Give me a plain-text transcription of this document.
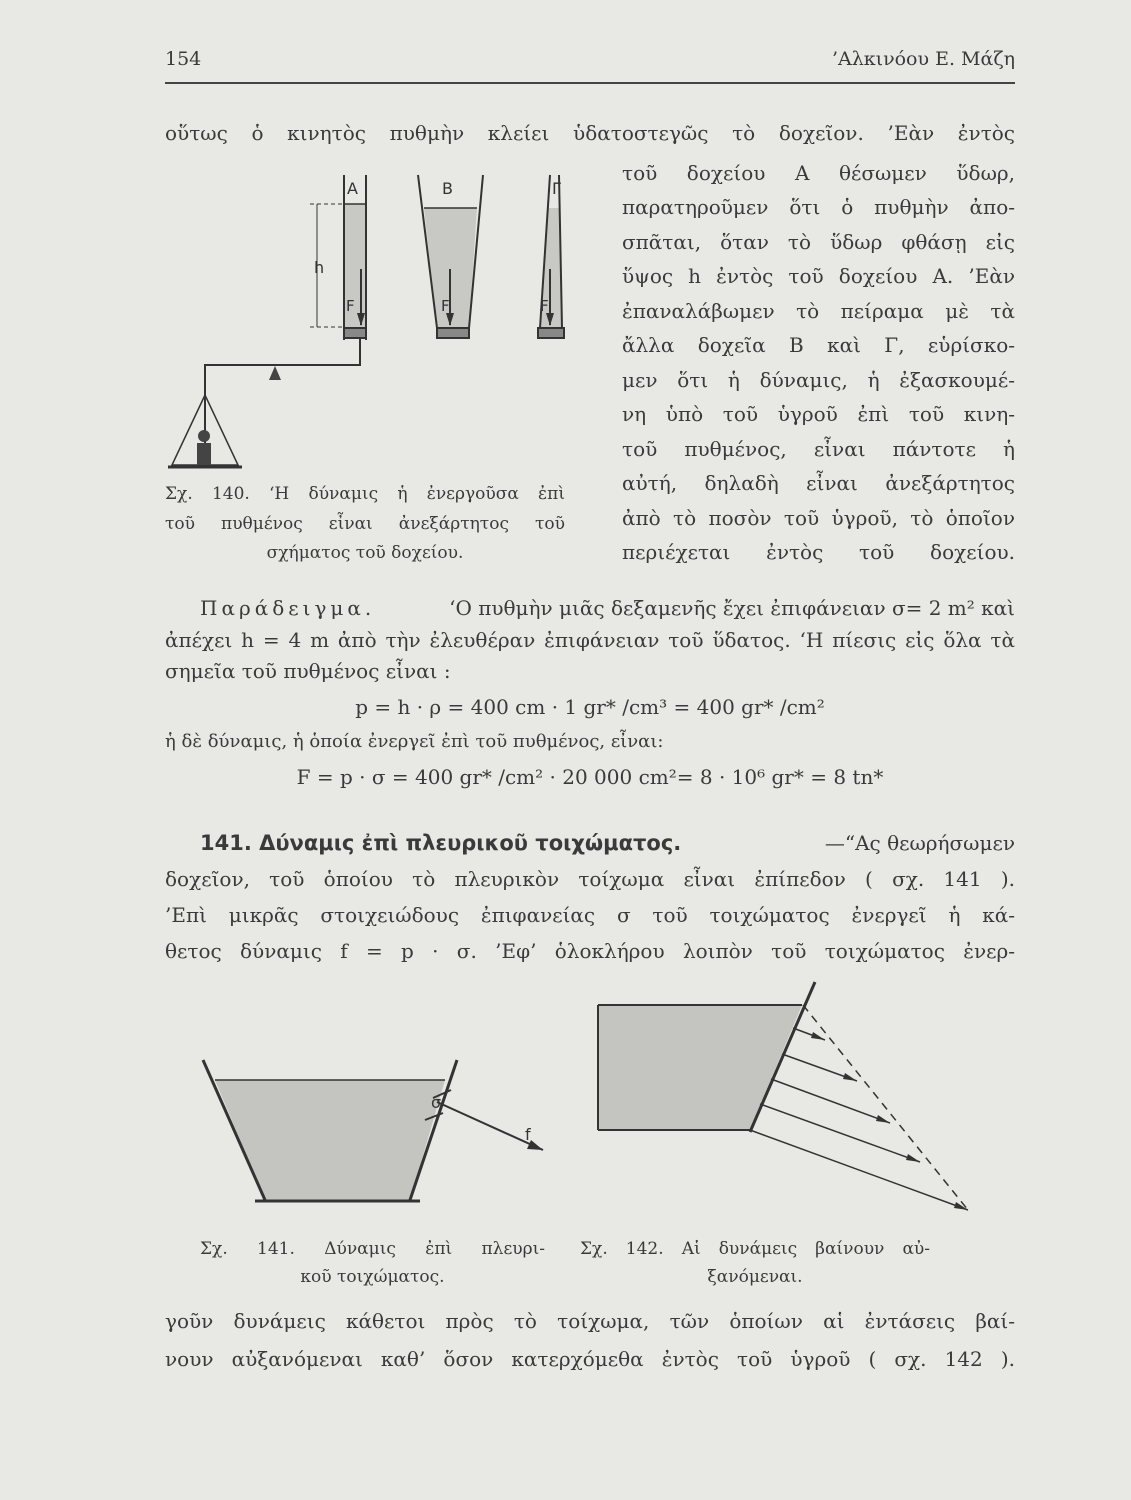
154	’Αλκινόου Ε. Μάζη
οὕτως ὁ κινητὸς πυθμὴν κλείει ὑδατοστεγῶς τὸ δοχεῖον. ’Εὰν ἐντὸς
τοῦ δοχείου Α θέσωμεν ὕδωρ,
παρατηροῦμεν ὅτι ὁ πυθμὴν ἀπο-
σπᾶται, ὅταν τὸ ὕδωρ φθάσῃ εἰς
ὕψος h ἐντὸς τοῦ δοχείου Α. ’Εὰν
ἐπαναλάβωμεν τὸ πείραμα μὲ τὰ
ἄλλα δοχεῖα Β καὶ Γ, εὑρίσκο-
μεν ὅτι ἡ δύναμις, ἡ ἐξασκουμέ-
νη ὑπὸ τοῦ ὑγροῦ ἐπὶ τοῦ κινη-
τοῦ πυθμένος, εἶναι πάντοτε ἡ
αὐτή, δηλαδὴ εἶναι ἀνεξάρτητος
ἀπὸ τὸ ποσὸν τοῦ ὑγροῦ, τὸ ὁποῖον
περιέχεται ἐντὸς τοῦ δοχείου.
A	B	Γ
h
F	F	F
Σχ. 140. ‘Η δύναμις ἡ ἐνεργοῦσα ἐπὶ
τοῦ πυθμένος εἶναι ἀνεξάρτητος τοῦ
σχήματος τοῦ δοχείου.
Παράδειγμα.	‘Ο πυθμὴν μιᾶς δεξαμενῆς ἔχει ἐπιφάνειαν σ= 2 m² καὶ
ἀπέχει h = 4 m ἀπὸ τὴν ἐλευθέραν ἐπιφάνειαν τοῦ ὕδατος. ‘Η πίεσις εἰς ὅλα τὰ
σημεῖα τοῦ πυθμένος εἶναι :
p = h · ρ = 400 cm · 1 gr* /cm³ = 400 gr* /cm²
ἡ δὲ δύναμις, ἡ ὁποία ἐνεργεῖ ἐπὶ τοῦ πυθμένος, εἶναι:
F = p · σ = 400 gr* /cm² · 20 000 cm²= 8 · 10⁶ gr* = 8 tn*
141. Δύναμις ἐπὶ πλευρικοῦ τοιχώματος.	—“Ας θεωρήσωμεν
δοχεῖον, τοῦ ὁποίου τὸ πλευρικὸν τοίχωμα εἶναι ἐπίπεδον ( σχ. 141 ).
’Επὶ μικρᾶς στοιχειώδους ἐπιφανείας σ τοῦ τοιχώματος ἐνεργεῖ ἡ κά-
θετος δύναμις f = p · σ. ’Εφ’ ὁλοκλήρου λοιπὸν τοῦ τοιχώματος ἐνερ-
σ
f
Σχ. 141. Δύναμις ἐπὶ πλευρι-
κοῦ τοιχώματος.
Σχ. 142. Αἱ δυνάμεις βαίνουν αὐ-
ξανόμεναι.
γοῦν δυνάμεις κάθετοι πρὸς τὸ τοίχωμα, τῶν ὁποίων αἱ ἐντάσεις βαί-
νουν αὐξανόμεναι καθ’ ὅσον κατερχόμεθα ἐντὸς τοῦ ὑγροῦ ( σχ. 142 ).
